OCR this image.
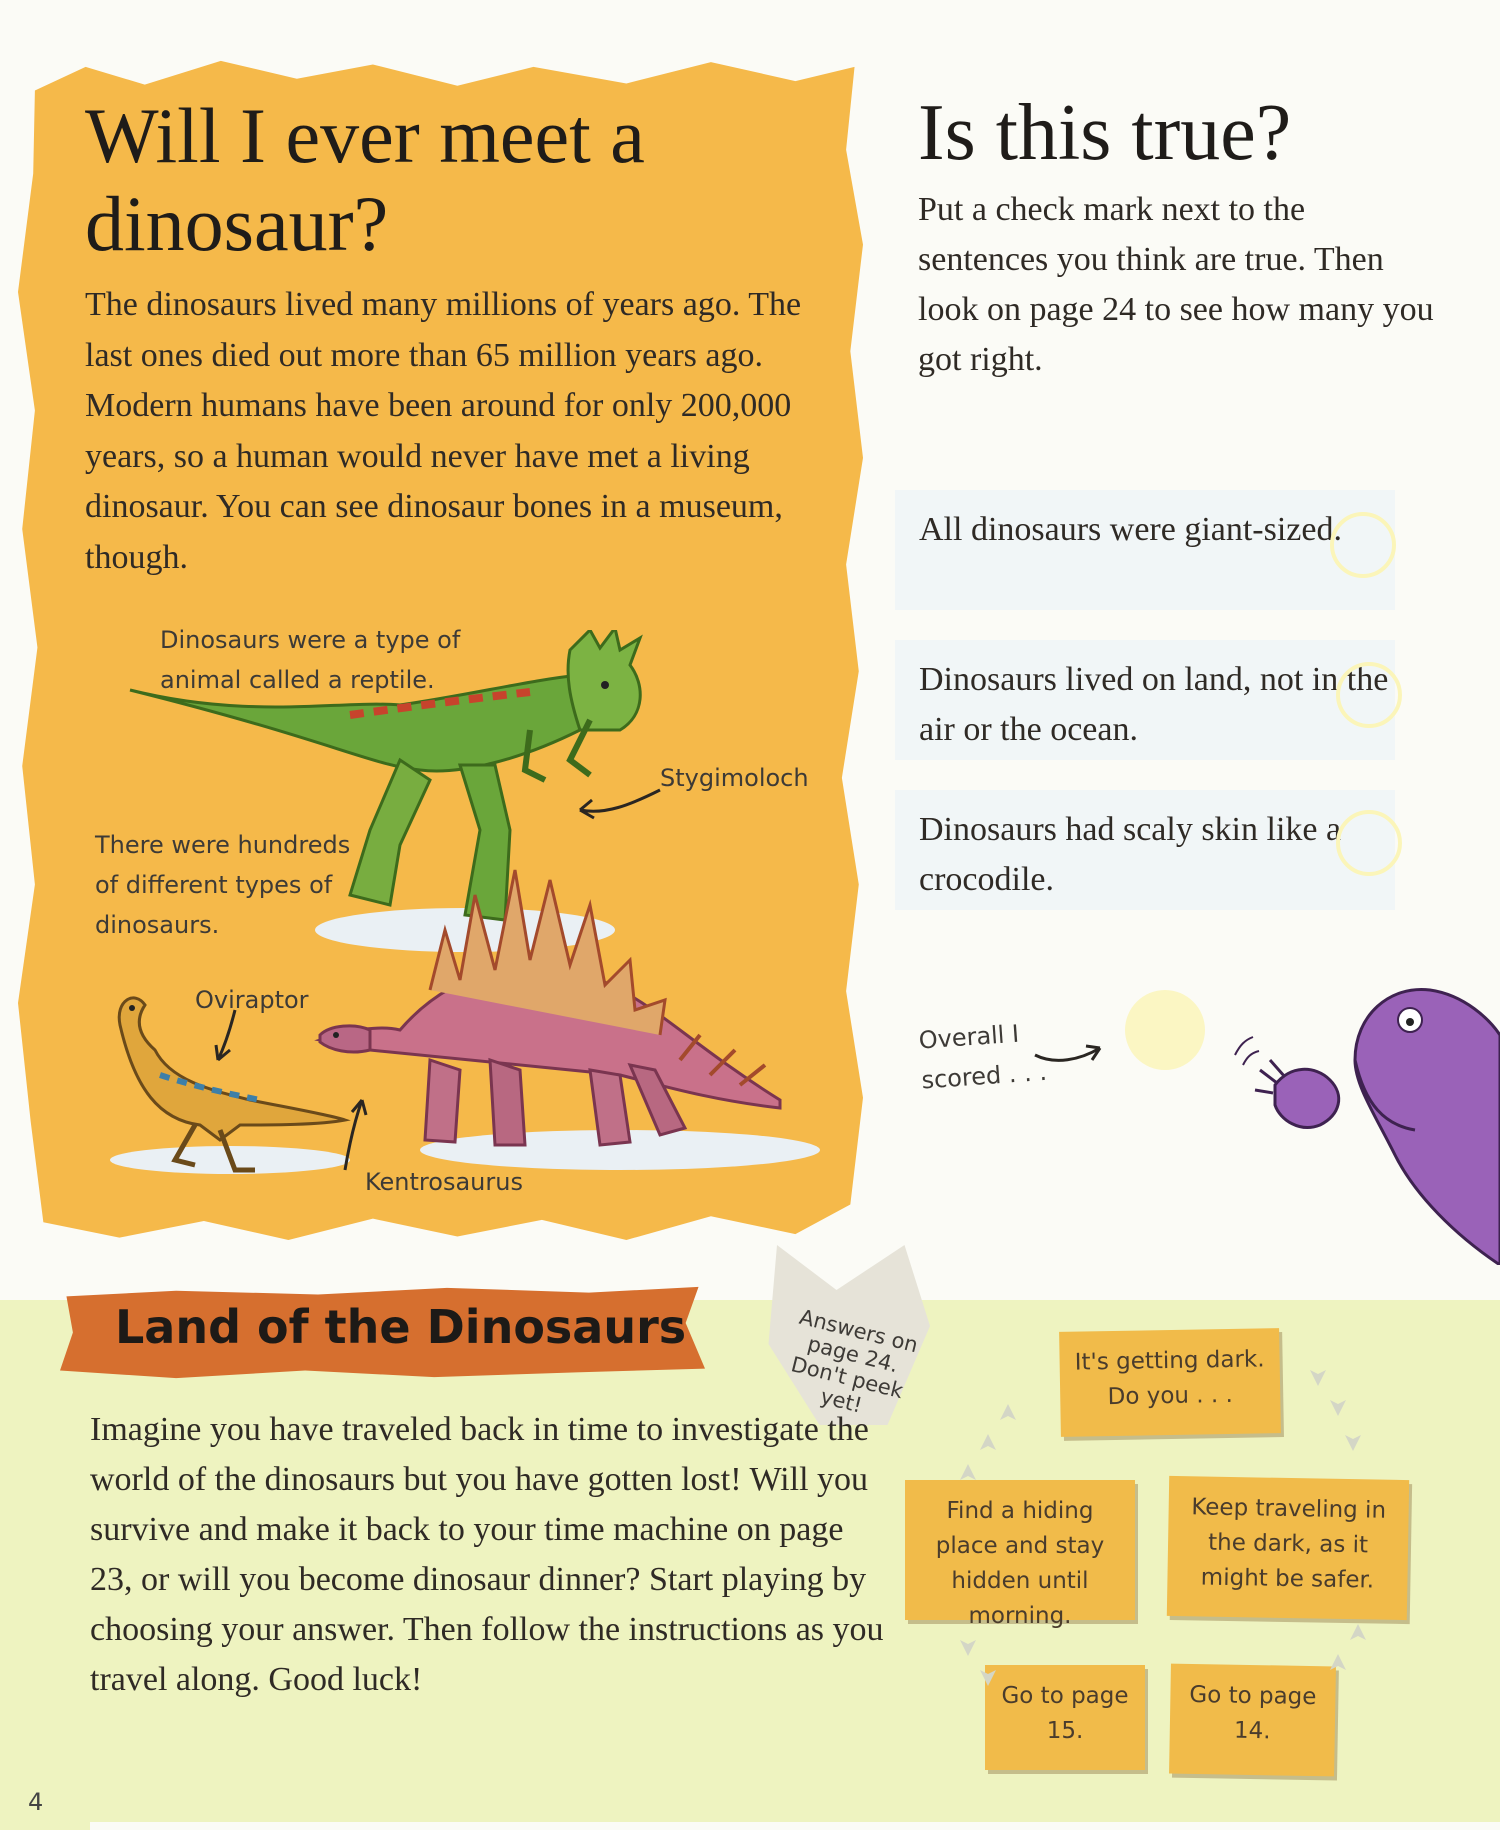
Will I ever meet a dinosaur?

The dinosaurs lived many millions of years ago. The last ones died out more than 65 million years ago. Modern humans have been around for only 200,000 years, so a human would never have met a living dinosaur. You can see dinosaur bones in a museum, though.

Dinosaurs were a type of animal called a reptile.
There were hundreds of different types of dinosaurs.
Stygimoloch
Oviraptor
Kentrosaurus
Is this true?

Put a check mark next to the sentences you think are true. Then look on page 24 to see how many you got right.

All dinosaurs were giant-sized.
Dinosaurs lived on land, not in the air or the ocean.
Dinosaurs had scaly skin like a crocodile.
Overall I scored . . .
Land of the Dinosaurs	Answers on page 24. Don't peek yet!

Imagine you have traveled back in time to investigate the world of the dinosaurs but you have gotten lost! Will you survive and make it back to your time machine on page 23, or will you become dinosaur dinner? Start playing by choosing your answer. Then follow the instructions as you travel along. Good luck!

It's getting dark. Do you . . .
Find a hiding place and stay hidden until morning.
Keep traveling in the dark, as it might be safer.
Go to page 15.
Go to page 14.
4
